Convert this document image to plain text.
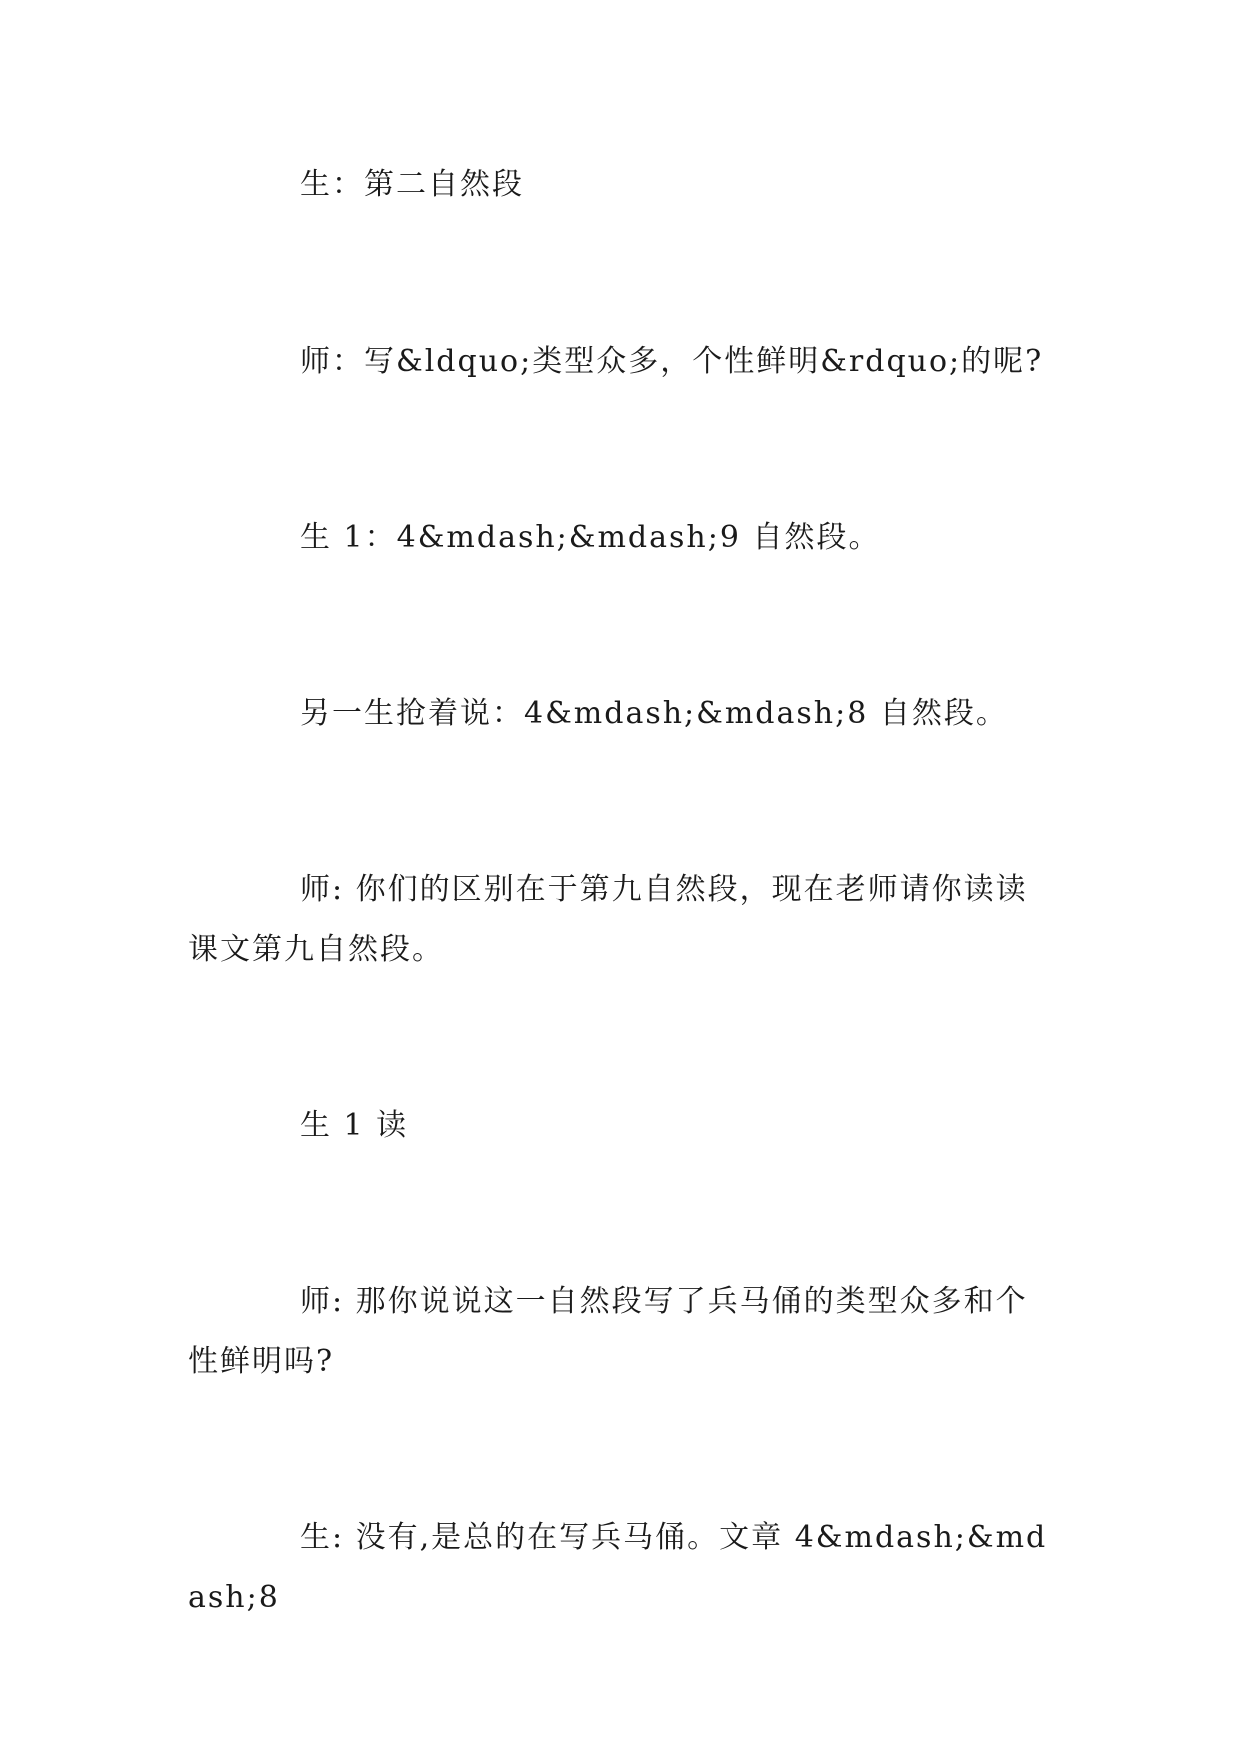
生：第二自然段

师：写&ldquo;类型众多，个性鲜明&rdquo;的呢?

生 1：4&mdash;&mdash;9 自然段。

另一生抢着说：4&mdash;&mdash;8 自然段。

师: 你们的区别在于第九自然段，现在老师请你读读课文第九自然段。

生 1 读

师: 那你说说这一自然段写了兵马俑的类型众多和个性鲜明吗?

生: 没有,是总的在写兵马俑。文章 4&mdash;&mdash;8
